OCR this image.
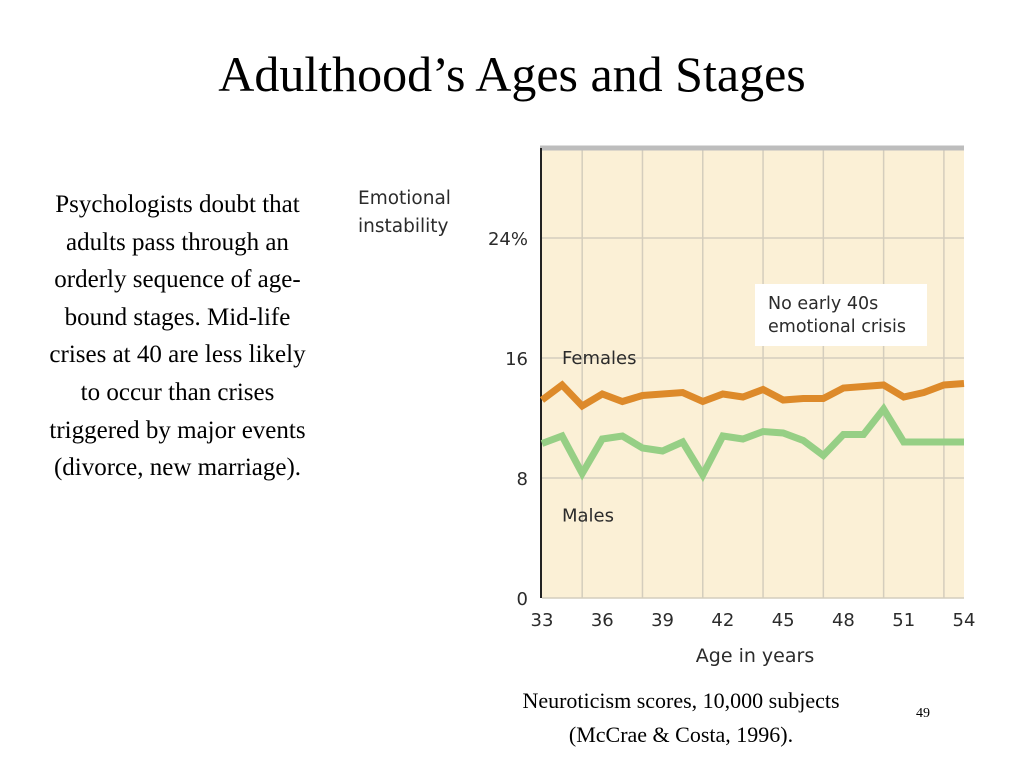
Adulthood’s Ages and Stages
Psychologists doubt that adults pass through an orderly sequence of age-bound stages. Mid-life crises at 40 are less likely to occur than crises triggered by major events (divorce, new marriage).
Females
Males
33 36 39 42 45 48 51 54
0
8
16
24%
Emotional
instability
No early 40s
emotional crisis
Age in years
Neuroticism scores, 10,000 subjects
(McCrae & Costa, 1996).
49
